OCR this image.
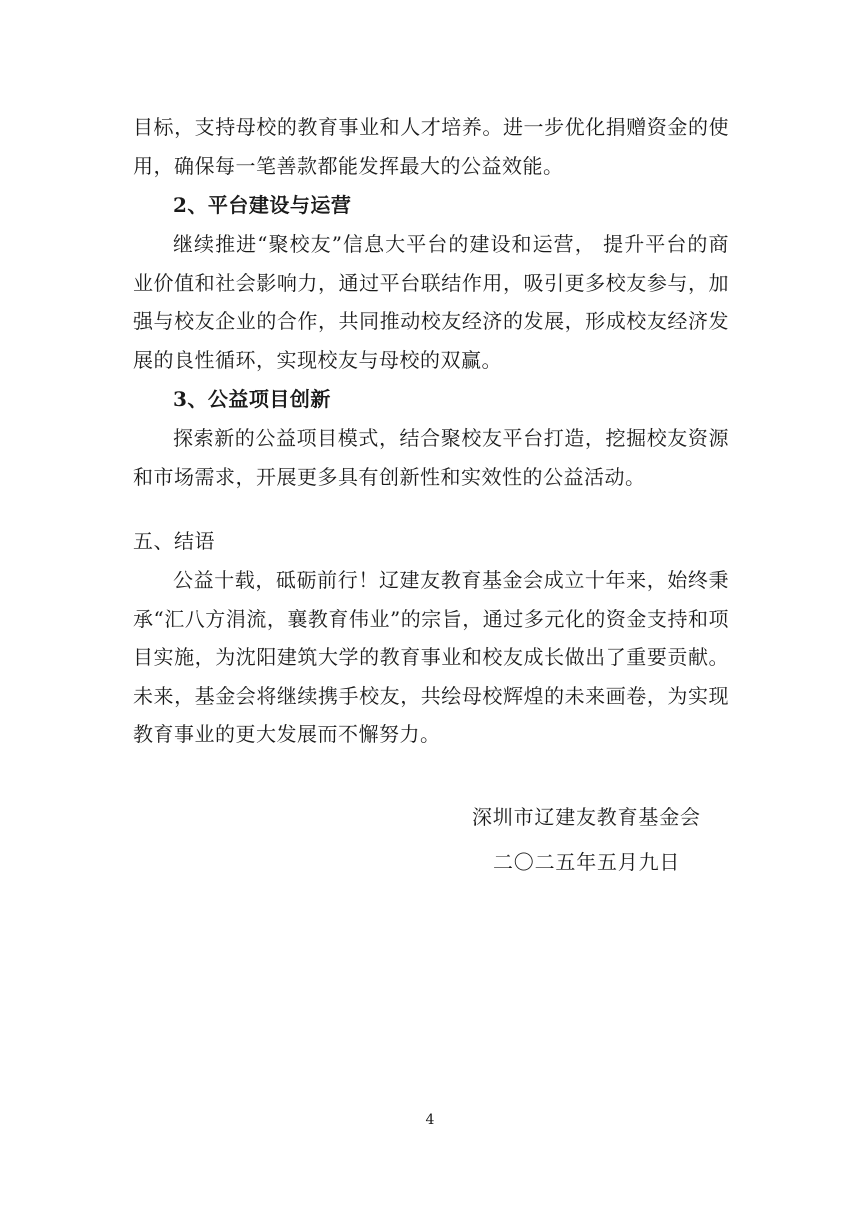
目标，支持母校的教育事业和人才培养。进一步优化捐赠资金的使用，确保每一笔善款都能发挥最大的公益效能。

2、平台建设与运营

继续推进“聚校友”信息大平台的建设和运营， 提升平台的商业价值和社会影响力，通过平台联结作用，吸引更多校友参与，加强与校友企业的合作，共同推动校友经济的发展，形成校友经济发展的良性循环，实现校友与母校的双赢。

3、公益项目创新

探索新的公益项目模式，结合聚校友平台打造，挖掘校友资源和市场需求，开展更多具有创新性和实效性的公益活动。

五、结语

公益十载，砥砺前行！辽建友教育基金会成立十年来，始终秉承“汇八方涓流，襄教育伟业”的宗旨，通过多元化的资金支持和项目实施，为沈阳建筑大学的教育事业和校友成长做出了重要贡献。未来，基金会将继续携手校友，共绘母校辉煌的未来画卷，为实现教育事业的更大发展而不懈努力。

深圳市辽建友教育基金会

二〇二五年五月九日

4
